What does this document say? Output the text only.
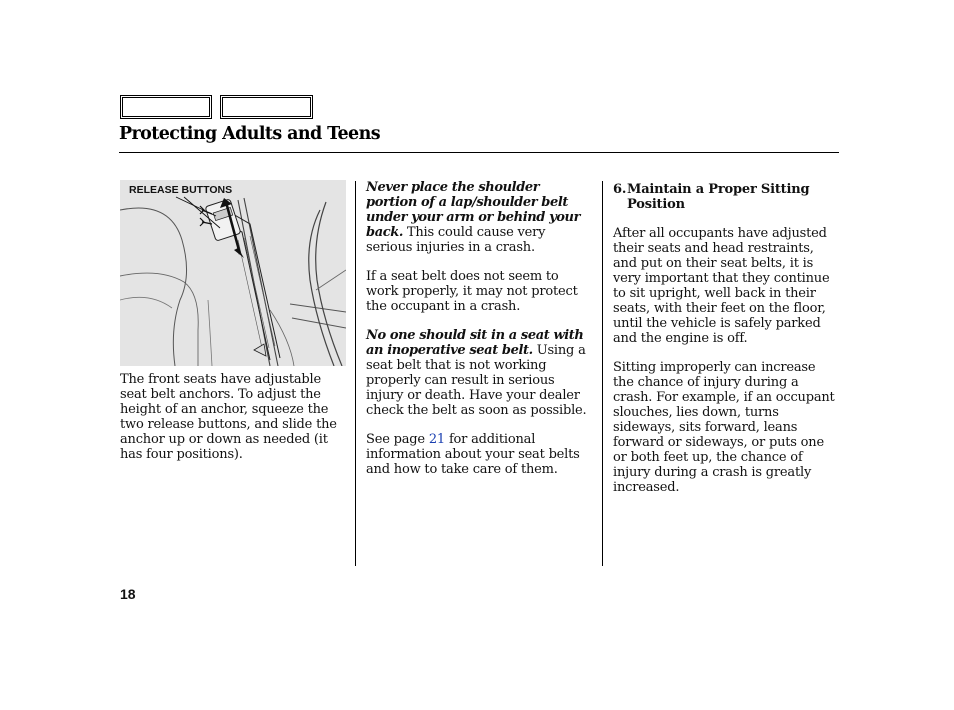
Protecting Adults and Teens
RELEASE BUTTONS

The front seats have adjustable seat belt anchors. To adjust the height of an anchor, squeeze the two release buttons, and slide the anchor up or down as needed (it has four positions).

Never place the shoulder portion of a lap/shoulder belt under your arm or behind your back. This could cause very serious injuries in a crash.

If a seat belt does not seem to work properly, it may not protect the occupant in a crash.

No one should sit in a seat with an inoperative seat belt. Using a seat belt that is not working properly can result in serious injury or death. Have your dealer check the belt as soon as possible.

See page 21 for additional information about your seat belts and how to take care of them.

6.Maintain a Proper Sitting
Position

After all occupants have adjusted their seats and head restraints, and put on their seat belts, it is very important that they continue to sit upright, well back in their seats, with their feet on the floor, until the vehicle is safely parked and the engine is off.

Sitting improperly can increase the chance of injury during a crash. For example, if an occupant slouches, lies down, turns sideways, sits forward, leans forward or sideways, or puts one or both feet up, the chance of injury during a crash is greatly increased.

18
